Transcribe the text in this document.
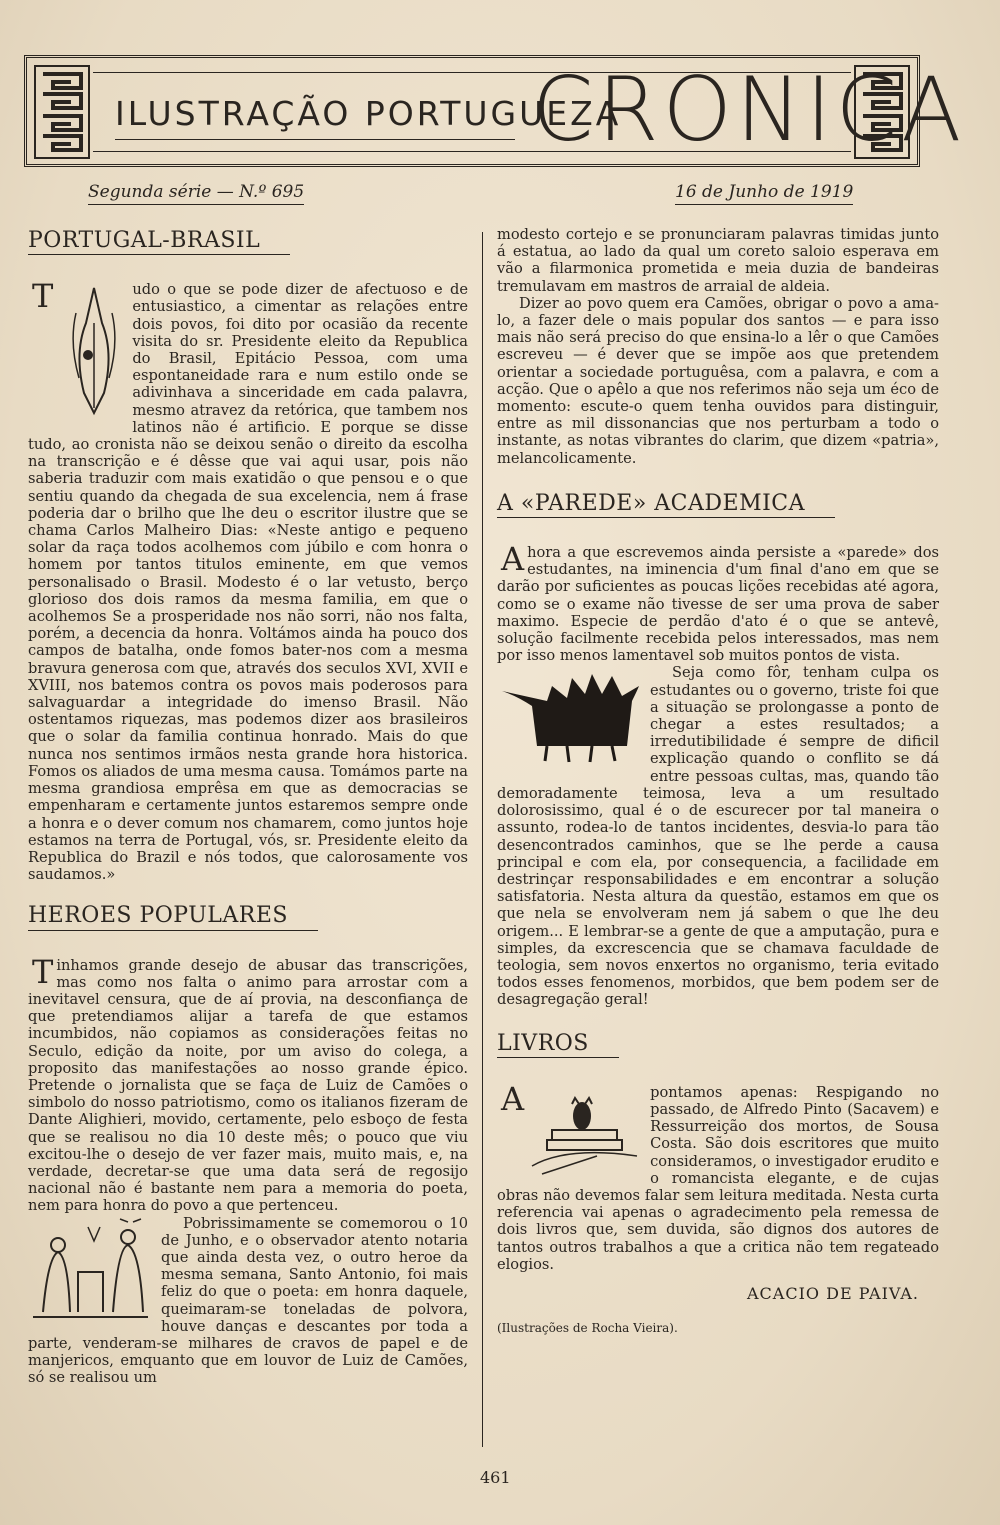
ILUSTRAÇÃO PORTUGUEZA
CRONICA
Segunda série — N.º 695	16 de Junho de 1919
PORTUGAL-BRASIL

T	udo o que se pode dizer de afectuoso e de entusiastico, a cimentar as relações entre dois povos, foi dito por ocasião da recente visita do sr. Presidente eleito da Republica do Brasil, Epitácio Pessoa, com uma espontaneidade rara e num estilo onde se adivinhava a sinceridade em cada palavra, mesmo atravez da retórica, que tambem nos latinos não é artificio. E porque se disse tudo, ao cronista não se deixou senão o direito da escolha na transcrição e é dêsse que vai aqui usar, pois não saberia traduzir com mais exatidão o que pensou e o que sentiu quando da chegada de sua excelencia, nem á frase poderia dar o brilho que lhe deu o escritor ilustre que se chama Carlos Malheiro Dias: «Neste antigo e pequeno solar da raça todos acolhemos com júbilo e com honra o homem por tantos titulos eminente, em que vemos personalisado o Brasil. Modesto é o lar vetusto, berço glorioso dos dois ramos da mesma familia, em que o acolhemos Se a prosperidade nos não sorri, não nos falta, porém, a decencia da honra. Voltámos ainda ha pouco dos campos de batalha, onde fomos bater-nos com a mesma bravura generosa com que, através dos seculos XVI, XVII e XVIII, nos batemos contra os povos mais poderosos para salvaguardar a integridade do imenso Brasil. Não ostentamos riquezas, mas podemos dizer aos brasileiros que o solar da familia continua honrado. Mais do que nunca nos sentimos irmãos nesta grande hora historica. Fomos os aliados de uma mesma causa. Tomámos parte na mesma grandiosa emprêsa em que as democracias se empenharam e certamente juntos estaremos sempre onde a honra e o dever comum nos chamarem, como juntos hoje estamos na terra de Portugal, vós, sr. Presidente eleito da Republica do Brazil e nós todos, que calorosamente vos saudamos.»

HEROES POPULARES

T inhamos grande desejo de abusar das transcrições, mas como nos falta o animo para arrostar com a inevitavel censura, que de aí provia, na desconfiança de que pretendiamos alijar a tarefa de que estamos incumbidos, não copiamos as considerações feitas no Seculo, edição da noite, por um aviso do colega, a proposito das manifestações ao nosso grande épico. Pretende o jornalista que se faça de Luiz de Camões o simbolo do nosso patriotismo, como os italianos fizeram de Dante Alighieri, movido, certamente, pelo esboço de festa que se realisou no dia 10 deste mês; o pouco que viu excitou-lhe o desejo de ver fazer mais, muito mais, e, na verdade, decretar-se que uma data será de regosijo nacional não é bastante nem para a memoria do poeta, nem para honra do povo a que pertenceu.

Pobrissimamente se comemorou o 10 de Junho, e o observador atento notaria que ainda desta vez, o outro heroe da mesma semana, Santo Antonio, foi mais feliz do que o poeta: em honra daquele, queimaram-se toneladas de polvora, houve danças e descantes por toda a parte, venderam-se milhares de cravos de papel e de manjericos, emquanto que em louvor de Luiz de Camões, só se realisou um

modesto cortejo e se pronunciaram palavras timidas junto á estatua, ao lado da qual um coreto saloio esperava em vão a filarmonica prometida e meia duzia de bandeiras tremulavam em mastros de arraial de aldeia.

Dizer ao povo quem era Camões, obrigar o povo a ama-lo, a fazer dele o mais popular dos santos — e para isso mais não será preciso do que ensina-lo a lêr o que Camões escreveu — é dever que se impõe aos que pretendem orientar a sociedade portuguêsa, com a palavra, e com a acção. Que o apêlo a que nos referimos não seja um éco de momento: escute-o quem tenha ouvidos para distinguir, entre as mil dissonancias que nos perturbam a todo o instante, as notas vibrantes do clarim, que dizem «patria», melancolicamente.

A «PAREDE» ACADEMICA

A hora a que escrevemos ainda persiste a «parede» dos estudantes, na iminencia d'um final d'ano em que se darão por suficientes as poucas lições recebidas até agora, como se o exame não tivesse de ser uma prova de saber maximo. Especie de perdão d'ato é o que se antevê, solução facilmente recebida pelos interessados, mas nem por isso menos lamentavel sob muitos pontos de vista.

Seja como fôr, tenham culpa os estudantes ou o governo, triste foi que a situação se prolongasse a ponto de chegar a estes resultados; a irredutibilidade é sempre de dificil explicação quando o conflito se dá entre pessoas cultas, mas, quando tão demoradamente teimosa, leva a um resultado dolorosissimo, qual é o de escurecer por tal maneira o assunto, rodea-lo de tantos incidentes, desvia-lo para tão desencontrados caminhos, que se lhe perde a causa principal e com ela, por consequencia, a facilidade em destrinçar responsabilidades e em encontrar a solução satisfatoria. Nesta altura da questão, estamos em que os que nela se envolveram nem já sabem o que lhe deu origem... E lembrar-se a gente de que a amputação, pura e simples, da excrescencia que se chamava faculdade de teologia, sem novos enxertos no organismo, teria evitado todos esses fenomenos, morbidos, que bem podem ser de desagregação geral!

LIVROS

A	pontamos apenas: Respigando no passado, de Alfredo Pinto (Sacavem) e Ressurreição dos mortos, de Sousa Costa. São dois escritores que muito consideramos, o investigador erudito e o romancista elegante, e de cujas obras não devemos falar sem leitura meditada. Nesta curta referencia vai apenas o agradecimento pela remessa de dois livros que, sem duvida, são dignos dos autores de tantos outros trabalhos a que a critica não tem regateado elogios.

ACACIO DE PAIVA.
(Ilustrações de Rocha Vieira).
461
